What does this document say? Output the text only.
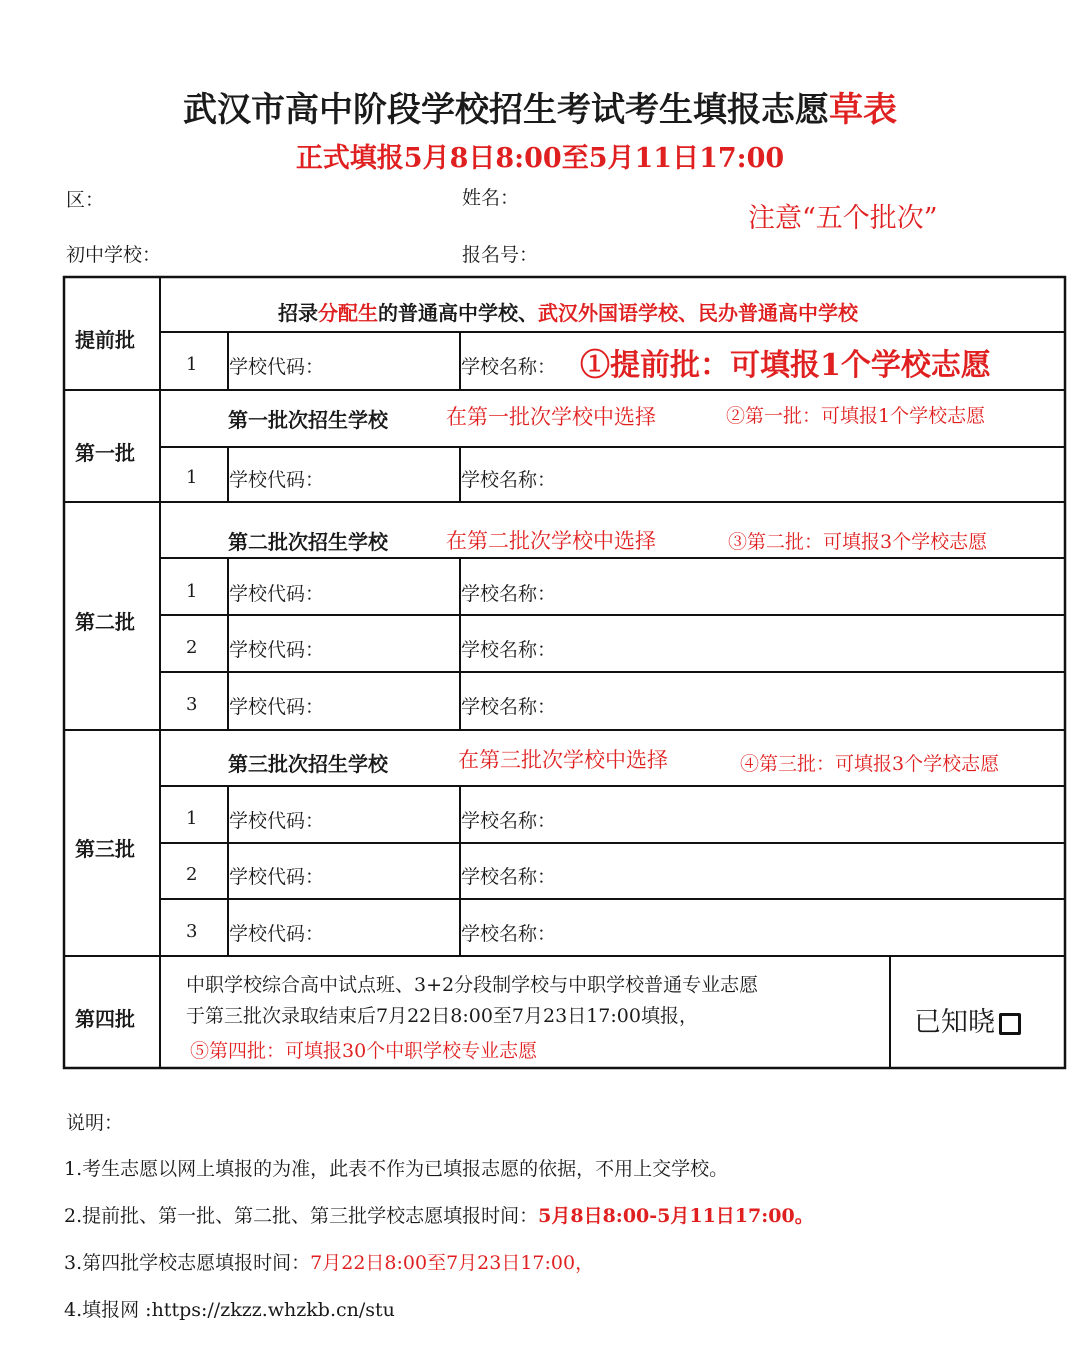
武汉市高中阶段学校招生考试考生填报志愿草表
正式填报5月8日8:00至5月11日17:00
区：	姓名：
注意“五个批次”
初中学校：	报名号：
提前批
招录分配生的普通高中学校、武汉外国语学校、民办普通高中学校
1 学校代码：	学校名称： ①提前批：可填报1个学校志愿
第一批
第一批次招生学校	在第一批次学校中选择	②第一批：可填报1个学校志愿
1 学校代码：	学校名称：
第二批
第二批次招生学校	在第二批次学校中选择	③第二批：可填报3个学校志愿
1 学校代码：	学校名称：
2 学校代码：	学校名称：
3 学校代码：	学校名称：
第三批
第三批次招生学校	在第三批次学校中选择	④第三批：可填报3个学校志愿
1 学校代码：	学校名称：
2 学校代码：	学校名称：
3 学校代码：	学校名称：
第四批
中职学校综合高中试点班、3+2分段制学校与中职学校普通专业志愿
于第三批次录取结束后7月22日8:00至7月23日17:00填报，
⑤第四批：可填报30个中职学校专业志愿
已知晓
说明：
1.考生志愿以网上填报的为准，此表不作为已填报志愿的依据，不用上交学校。
2.提前批、第一批、第二批、第三批学校志愿填报时间：5月8日8:00-5月11日17:00。
3.第四批学校志愿填报时间：7月22日8:00至7月23日17:00，
4.填报网 :https://zkzz.whzkb.cn/stu
